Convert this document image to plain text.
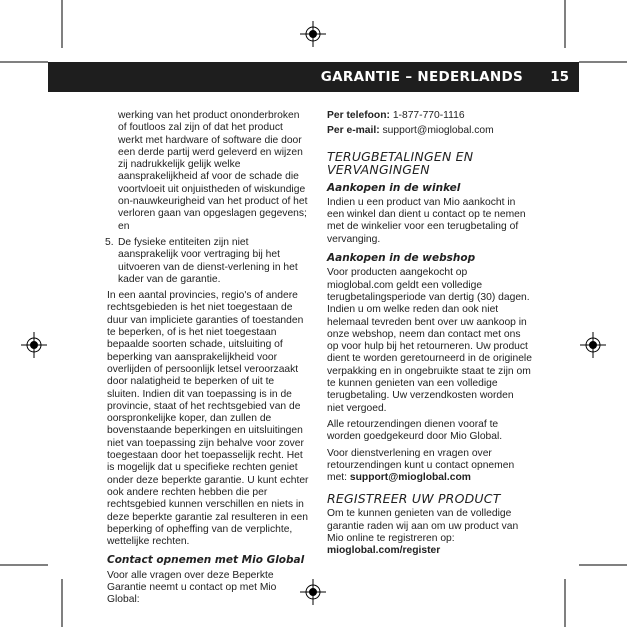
GARANTIE – NEDERLANDS 15

werking van het product ononderbroken of foutloos zal zijn of dat het product werkt met hardware of software die door een derde partij werd geleverd en wijzen zij nadrukkelijk gelijk welke aansprakelijkheid af voor de schade die voortvloeit uit onjuistheden of wiskundige on-nauwkeurigheid van het product of het verloren gaan van opgeslagen gegevens; en

5. De fysieke entiteiten zijn niet aansprakelijk voor vertraging bij het uitvoeren van de dienst-verlening in het kader van de garantie.

In een aantal provincies, regio's of andere rechtsgebieden is het niet toegestaan de duur van impliciete garanties of toestanden te beperken, of is het niet toegestaan bepaalde soorten schade, uitsluiting of beperking van aansprakelijkheid voor overlijden of persoonlijk letsel veroorzaakt door nalatigheid te beperken of uit te sluiten. Indien dit van toepassing is in de provincie, staat of het rechtsgebied van de oorspronkelijke koper, dan zullen de bovenstaande beperkingen en uitsluitingen niet van toepassing zijn behalve voor zover toegestaan door het toepasselijk recht. Het is mogelijk dat u specifieke rechten geniet onder deze beperkte garantie. U kunt echter ook andere rechten hebben die per rechtsgebied kunnen verschillen en niets in deze beperkte garantie zal resulteren in een beperking of opheffing van de verplichte, wettelijke rechten.

Contact opnemen met Mio Global

Voor alle vragen over deze Beperkte Garantie neemt u contact op met Mio Global:

Per telefoon: 1-877-770-1116

Per e-mail: support@mioglobal.com

TERUGBETALINGEN EN VERVANGINGEN
Aankopen in de winkel

Indien u een product van Mio aankocht in een winkel dan dient u contact op te nemen met de winkelier voor een terugbetaling of vervanging.

Aankopen in de webshop

Voor producten aangekocht op mioglobal.com geldt een volledige terugbetalingsperiode van dertig (30) dagen. Indien u om welke reden dan ook niet helemaal tevreden bent over uw aankoop in onze webshop, neem dan contact met ons op voor hulp bij het retourneren. Uw product dient te worden geretourneerd in de originele verpakking en in ongebruikte staat te zijn om te kunnen genieten van een volledige terugbetaling. Uw verzendkosten worden niet vergoed.

Alle retourzendingen dienen vooraf te worden goedgekeurd door Mio Global.

Voor dienstverlening en vragen over retourzendingen kunt u contact opnemen met: support@mioglobal.com

REGISTREER UW PRODUCT

Om te kunnen genieten van de volledige garantie raden wij aan om uw product van Mio online te registreren op: mioglobal.com/register
